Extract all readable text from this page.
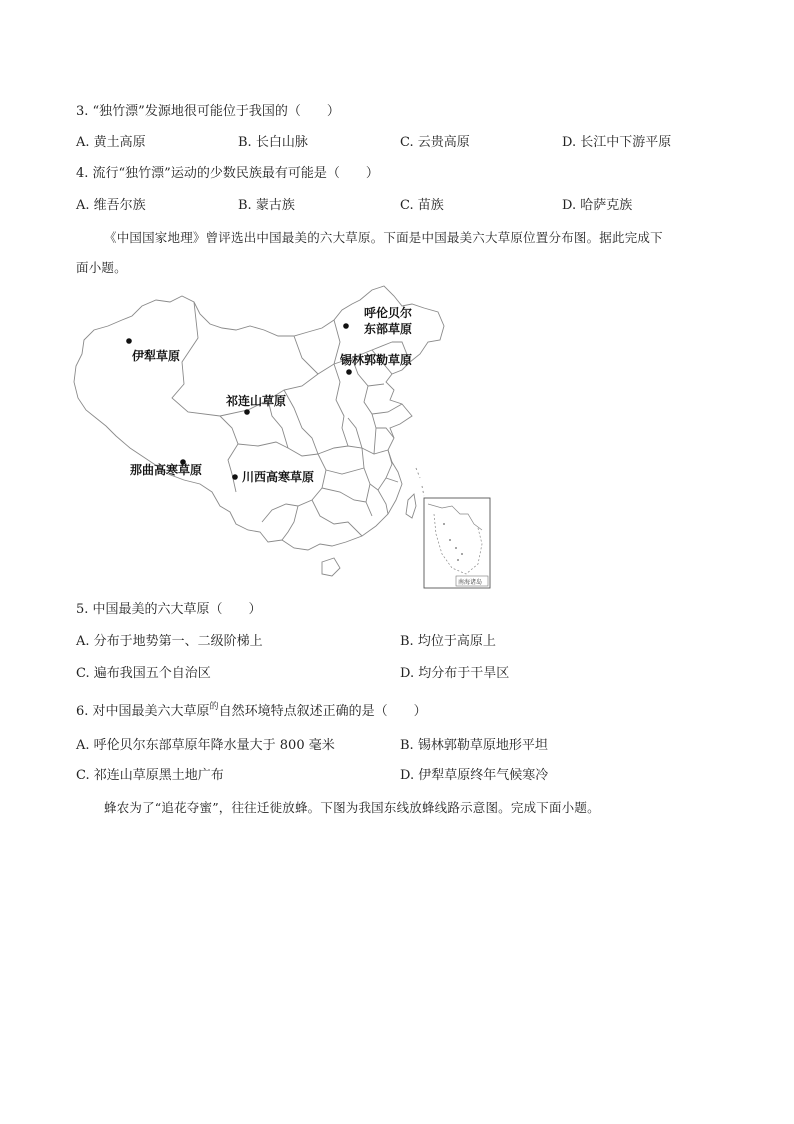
3. “独竹漂”发源地很可能位于我国的（　　）
A. 黄土高原	B. 长白山脉	C. 云贵高原	D. 长江中下游平原
4. 流行“独竹漂”运动的少数民族最有可能是（　　）
A. 维吾尔族	B. 蒙古族	C. 苗族	D. 哈萨克族
《中国国家地理》曾评选出中国最美的六大草原。下面是中国最美六大草原位置分布图。据此完成下
面小题。
南海诸岛
呼伦贝尔
东部草原
锡林郭勒草原
伊犁草原
祁连山草原
那曲高寒草原	川西高寒草原
5. 中国最美的六大草原（　　）
A. 分布于地势第一、二级阶梯上	B. 均位于高原上
C. 遍布我国五个自治区	D. 均分布于干旱区
6. 对中国最美六大草原$^的$自然环境特点叙述正确的是（　　）
A. 呼伦贝尔东部草原年降水量大于 800 毫米	B. 锡林郭勒草原地形平坦
C. 祁连山草原黑土地广布	D. 伊犁草原终年气候寒冷
蜂农为了“追花夺蜜”，往往迁徙放蜂。下图为我国东线放蜂线路示意图。完成下面小题。
